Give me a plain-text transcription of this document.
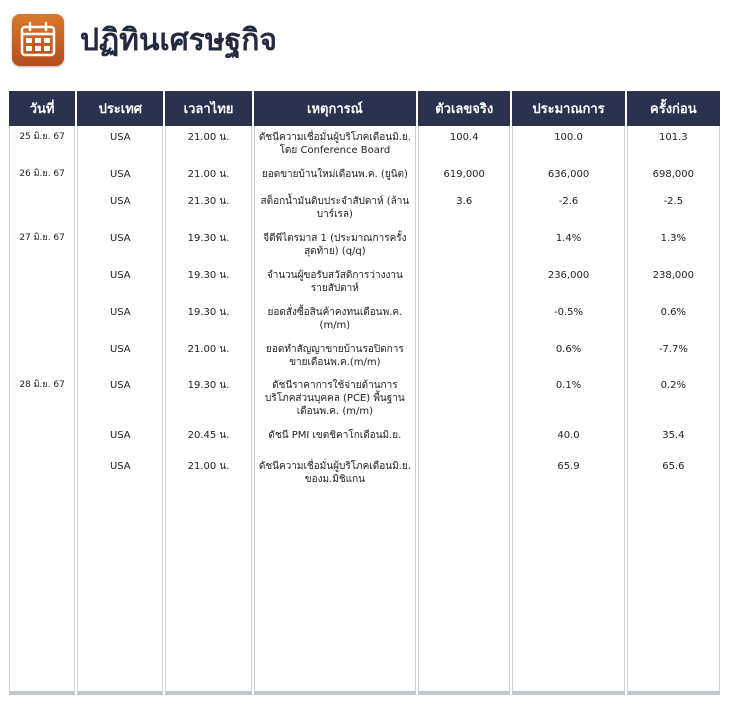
ปฏิทินเศรษฐกิจ
วันที่	ประเทศ	เวลาไทย	เหตุการณ์	ตัวเลขจริง	ประมาณการ	ครั้งก่อน
25 มิ.ย. 67	USA	21.00 น.	ดัชนีความเชื่อมั่นผู้บริโภคเดือนมิ.ย. โดย Conference Board	100.4	100.0	101.3
26 มิ.ย. 67	USA	21.00 น.	ยอดขายบ้านใหม่เดือนพ.ค. (ยูนิต)	619,000	636,000	698,000
	USA	21.30 น.	สต็อกน้ำมันดิบประจำสัปดาห์ (ล้านบาร์เรล)	3.6	-2.6	-2.5
27 มิ.ย. 67	USA	19.30 น.	จีดีพีไตรมาส 1 (ประมาณการครั้งสุดท้าย) (q/q)		1.4%	1.3%
	USA	19.30 น.	จำนวนผู้ขอรับสวัสดิการว่างงานรายสัปดาห์		236,000	238,000
	USA	19.30 น.	ยอดสั่งซื้อสินค้าคงทนเดือนพ.ค.(m/m)		-0.5%	0.6%
	USA	21.00 น.	ยอดทำสัญญาขายบ้านรอปิดการขายเดือนพ.ค.(m/m)		0.6%	-7.7%
28 มิ.ย. 67	USA	19.30 น.	ดัชนีราคาการใช้จ่ายด้านการบริโภคส่วนบุคคล (PCE) พื้นฐานเดือนพ.ค. (m/m)		0.1%	0.2%
	USA	20.45 น.	ดัชนี PMI เขตชิคาโกเดือนมิ.ย.		40.0	35.4
	USA	21.00 น.	ดัชนีความเชื่อมั่นผู้บริโภคเดือนมิ.ย. ของม.มิชิแกน		65.9	65.6
